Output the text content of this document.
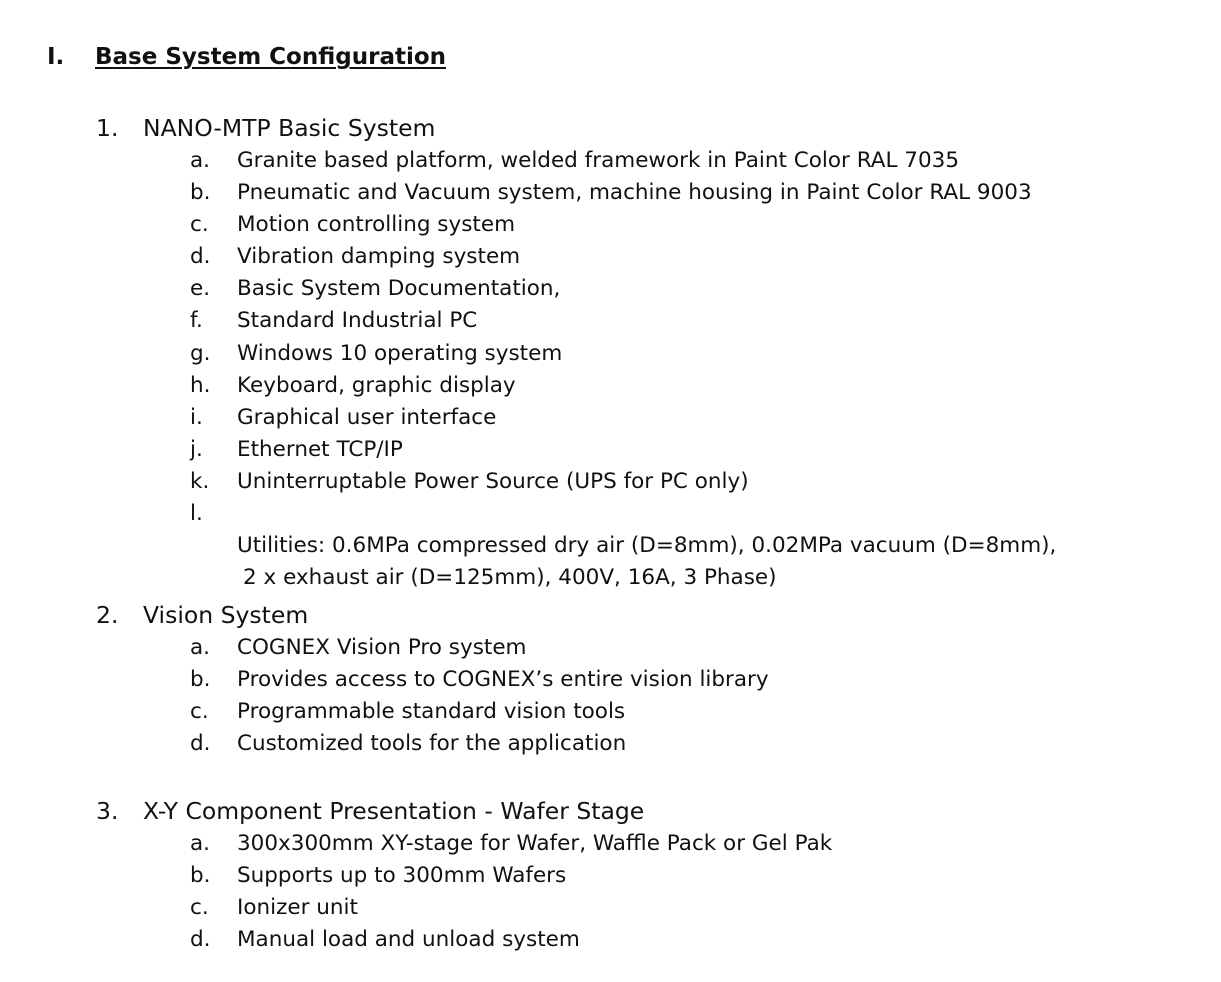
I. Base System Configuration
1. NANO-MTP Basic System
a. Granite based platform, welded framework in Paint Color RAL 7035
b. Pneumatic and Vacuum system, machine housing in Paint Color RAL 9003
c. Motion controlling system
d. Vibration damping system
e. Basic System Documentation,
f. Standard Industrial PC
g. Windows 10 operating system
h. Keyboard, graphic display
i. Graphical user interface
j. Ethernet TCP/IP
k. Uninterruptable Power Source (UPS for PC only)
l.

Utilities: 0.6MPa compressed dry air (D=8mm), 0.02MPa vacuum (D=8mm),

2 x exhaust air (D=125mm), 400V, 16A, 3 Phase)

2. Vision System
a. COGNEX Vision Pro system
b. Provides access to COGNEX’s entire vision library
c. Programmable standard vision tools
d. Customized tools for the application
3. X-Y Component Presentation - Wafer Stage
a. 300x300mm XY-stage for Wafer, Waffle Pack or Gel Pak
b. Supports up to 300mm Wafers
c. Ionizer unit
d. Manual load and unload system
